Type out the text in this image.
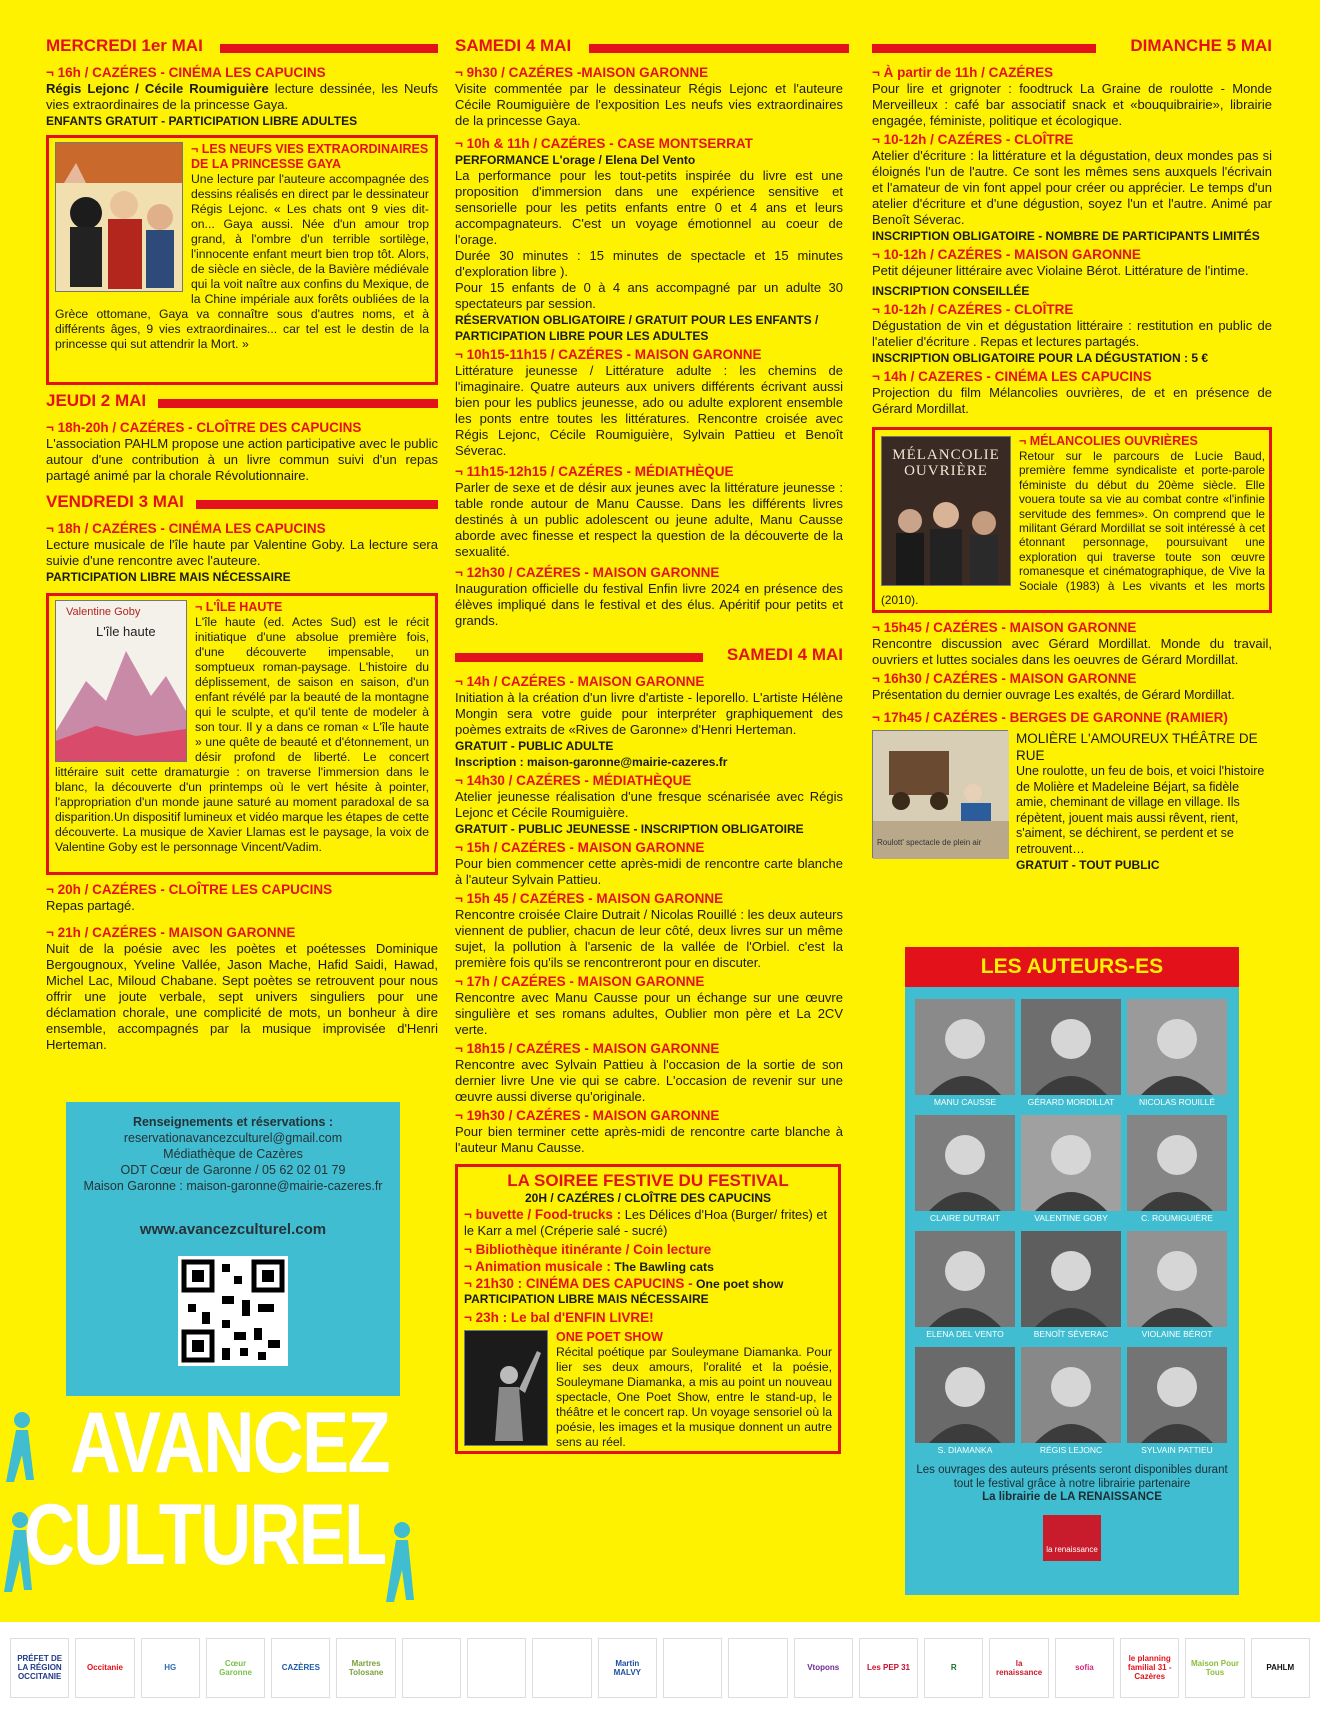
MERCREDI 1er MAI
¬ 16h / CAZÉRES - CINÉMA LES CAPUCINS
Régis Lejonc / Cécile Roumiguière lecture dessinée, les Neufs vies extraordinaires de la princesse Gaya.
ENFANTS GRATUIT - PARTICIPATION LIBRE ADULTES
¬ LES NEUFS VIES EXTRAORDINAIRES DE LA PRINCESSE GAYA
Une lecture par l'auteure accompagnée des dessins réalisés en direct par le dessinateur Régis Lejonc. « Les chats ont 9 vies dit-on... Gaya aussi. Née d'un amour trop grand, à l'ombre d'un terrible sortilège, l'innocente enfant meurt bien trop tôt. Alors, de siècle en siècle, de la Bavière médiévale qui la voit naître aux confins du Mexique, de la Chine impériale aux forêts oubliées de la Grèce ottomane, Gaya va connaître sous d'autres noms, et à différents âges, 9 vies extraordinaires... car tel est le destin de la princesse qui sut attendrir la Mort. »
JEUDI 2 MAI
¬ 18h-20h / CAZÉRES - CLOÎTRE DES CAPUCINS
L'association PAHLM propose une action participative avec le public autour d'une contribution à un livre commun suivi d'un repas partagé animé par la chorale Révolutionnaire.
VENDREDI 3 MAI
¬ 18h / CAZÉRES - CINÉMA LES CAPUCINS
Lecture musicale de l'île haute par Valentine Goby. La lecture sera suivie d'une rencontre avec l'auteure.
PARTICIPATION LIBRE MAIS NÉCESSAIRE
Valentine Goby
L'île haute
¬ L'ÎLE HAUTE
L'île haute (ed. Actes Sud) est le récit initiatique d'une absolue première fois, d'une découverte impensable, un somptueux roman-paysage. L'histoire du déplissement, de saison en saison, d'un enfant révélé par la beauté de la montagne qui le sculpte, et qu'il tente de modeler à son tour. Il y a dans ce roman « L'île haute » une quête de beauté et d'étonnement, un désir profond de liberté. Le concert littéraire suit cette dramaturgie : on traverse l'immersion dans le blanc, la découverte d'un printemps où le vert hésite à pointer, l'appropriation d'un monde jaune saturé au moment paradoxal de sa disparition.Un dispositif lumineux et vidéo marque les étapes de cette découverte. La musique de Xavier Llamas est le paysage, la voix de Valentine Goby est le personnage Vincent/Vadim.
¬ 20h / CAZÉRES - CLOÎTRE LES CAPUCINS
Repas partagé.
¬ 21h / CAZÉRES - MAISON GARONNE
Nuit de la poésie avec les poètes et poétesses Dominique Bergougnoux, Yveline Vallée, Jason Mache, Hafid Saidi, Hawad, Michel Lac, Miloud Chabane. Sept poètes se retrouvent pour nous offrir une joute verbale, sept univers singuliers pour une déclamation chorale, une complicité de mots, un bonheur à dire ensemble, accompagnés par la musique improvisée d'Henri Herteman.
Renseignements et réservations :
reservationavancezculturel@gmail.com
Médiathèque de Cazères
ODT Cœur de Garonne / 05 62 02 01 79
Maison Garonne : maison-garonne@mairie-cazeres.fr
www.avancezculturel.com
AVANCEZ
CULTUREL
SAMEDI 4 MAI
¬ 9h30 / CAZÉRES -MAISON GARONNE
Visite commentée par le dessinateur Régis Lejonc et l'auteure Cécile Roumiguière de l'exposition Les neufs vies extraordinaires de la princesse Gaya.
¬ 10h & 11h / CAZÉRES - CASE MONTSERRAT
PERFORMANCE L'orage / Elena Del Vento
La performance pour les tout-petits inspirée du livre est une proposition d'immersion dans une expérience sensitive et sensorielle pour les petits enfants entre 0 et 4 ans et leurs accompagnateurs. C'est un voyage émotionnel au coeur de l'orage.
Durée 30 minutes : 15 minutes de spectacle et 15 minutes d'exploration libre ).
Pour 15 enfants de 0 à 4 ans accompagné par un adulte 30 spectateurs par session.
RÉSERVATION OBLIGATOIRE / GRATUIT POUR LES ENFANTS / PARTICIPATION LIBRE POUR LES ADULTES
¬ 10h15-11h15 / CAZÉRES - MAISON GARONNE
Littérature jeunesse / Littérature adulte : les chemins de l'imaginaire. Quatre auteurs aux univers différents écrivant aussi bien pour les publics jeunesse, ado ou adulte explorent ensemble les ponts entre toutes les littératures. Rencontre croisée avec Régis Lejonc, Cécile Roumiguière, Sylvain Pattieu et Benoît Séverac.
¬ 11h15-12h15 / CAZÉRES - MÉDIATHÈQUE
Parler de sexe et de désir aux jeunes avec la littérature jeunesse : table ronde autour de Manu Causse. Dans les différents livres destinés à un public adolescent ou jeune adulte, Manu Causse aborde avec finesse et respect la question de la découverte de la sexualité.
¬ 12h30 / CAZÉRES - MAISON GARONNE
Inauguration officielle du festival Enfin livre 2024 en présence des élèves impliqué dans le festival et des élus. Apéritif pour petits et grands.
SAMEDI 4 MAI
¬ 14h / CAZÉRES - MAISON GARONNE
Initiation à la création d'un livre d'artiste - leporello. L'artiste Hélène Mongin sera votre guide pour interpréter graphiquement des poèmes extraits de «Rives de Garonne» d'Henri Herteman.
GRATUIT - PUBLIC ADULTE
Inscription : maison-garonne@mairie-cazeres.fr
¬ 14h30 / CAZÉRES - MÉDIATHÈQUE
Atelier jeunesse réalisation d'une fresque scénarisée avec Régis Lejonc et Cécile Roumiguière.
GRATUIT - PUBLIC JEUNESSE - INSCRIPTION OBLIGATOIRE
¬ 15h / CAZÉRES - MAISON GARONNE
Pour bien commencer cette après-midi de rencontre carte blanche à l'auteur Sylvain Pattieu.
¬ 15h 45 / CAZÉRES - MAISON GARONNE
Rencontre croisée Claire Dutrait / Nicolas Rouillé : les deux auteurs viennent de publier, chacun de leur côté, deux livres sur un même sujet, la pollution à l'arsenic de la vallée de l'Orbiel. c'est la première fois qu'ils se rencontreront pour en discuter.
¬ 17h / CAZÉRES - MAISON GARONNE
Rencontre avec Manu Causse pour un échange sur une œuvre singulière et ses romans adultes, Oublier mon père et La 2CV verte.
¬ 18h15 / CAZÉRES - MAISON GARONNE
Rencontre avec Sylvain Pattieu à l'occasion de la sortie de son dernier livre Une vie qui se cabre. L'occasion de revenir sur une œuvre aussi diverse qu'originale.
¬ 19h30 / CAZÉRES - MAISON GARONNE
Pour bien terminer cette après-midi de rencontre carte blanche à l'auteur Manu Causse.
LA SOIREE FESTIVE DU FESTIVAL
20H / CAZÉRES / CLOÎTRE DES CAPUCINS
¬ buvette / Food-trucks : Les Délices d'Hoa (Burger/ frites) et le Karr a mel (Créperie salé - sucré)
¬ Bibliothèque itinérante / Coin lecture
¬ Animation musicale : The Bawling cats
¬ 21h30 : CINÉMA DES CAPUCINS - One poet show
PARTICIPATION LIBRE MAIS NÉCESSAIRE
¬ 23h : Le bal d'ENFIN LIVRE!
ONE POET SHOW
Récital poétique par Souleymane Diamanka. Pour lier ses deux amours, l'oralité et la poésie, Souleymane Diamanka, a mis au point un nouveau spectacle, One Poet Show, entre le stand-up, le théâtre et le concert rap. Un voyage sensoriel où la poésie, les images et la musique donnent un autre sens au réel.
DIMANCHE 5 MAI
¬ À partir de 11h / CAZÉRES
Pour lire et grignoter : foodtruck La Graine de roulotte - Monde Merveilleux : café bar associatif snack et «bouquibrairie», librairie engagée, féministe, politique et écologique.
¬ 10-12h / CAZÉRES - CLOÎTRE
Atelier d'écriture : la littérature et la dégustation, deux mondes pas si éloignés l'un de l'autre. Ce sont les mêmes sens auxquels l'écrivain et l'amateur de vin font appel pour créer ou apprécier. Le temps d'un atelier d'écriture et d'une dégustion, soyez l'un et l'autre. Animé par Benoît Séverac.
INSCRIPTION OBLIGATOIRE - NOMBRE DE PARTICIPANTS LIMITÉS
¬ 10-12h / CAZÉRES - MAISON GARONNE
Petit déjeuner littéraire avec Violaine Bérot. Littérature de l'intime.
INSCRIPTION CONSEILLÉE
¬ 10-12h / CAZÉRES - CLOÎTRE
Dégustation de vin et dégustation littéraire : restitution en public de l'atelier d'écriture . Repas et lectures partagés.
INSCRIPTION OBLIGATOIRE POUR LA DÉGUSTATION : 5 €
¬ 14h / CAZERES - CINÉMA LES CAPUCINS
Projection du film Mélancolies ouvrières, de et en présence de Gérard Mordillat.
MÉLANCOLIE OUVRIÈRE
¬ MÉLANCOLIES OUVRIÈRES
Retour sur le parcours de Lucie Baud, première femme syndicaliste et porte-parole féministe du début du 20ème siècle. Elle vouera toute sa vie au combat contre «l'infinie servitude des femmes». On comprend que le militant Gérard Mordillat se soit intéressé à cet étonnant personnage, poursuivant une exploration qui traverse toute son œuvre romanesque et cinématographique, de Vive la Sociale (1983) à Les vivants et les morts (2010).
¬ 15h45 / CAZÉRES - MAISON GARONNE
Rencontre discussion avec Gérard Mordillat. Monde du travail, ouvriers et luttes sociales dans les oeuvres de Gérard Mordillat.
¬ 16h30 / CAZÉRES - MAISON GARONNE
Présentation du dernier ouvrage Les exaltés, de Gérard Mordillat.
¬ 17h45 / CAZÉRES - BERGES DE GARONNE (RAMIER)
Roulott' spectacle de plein air
MOLIÈRE L'AMOUREUX THÉÂTRE DE RUE
Une roulotte, un feu de bois, et voici l'histoire de Molière et Madeleine Béjart, sa fidèle amie, cheminant de village en village. Ils répètent, jouent mais aussi rêvent, rient, s'aiment, se déchirent, se perdent et se retrouvent…
GRATUIT - TOUT PUBLIC
LES AUTEURS-ES
MANU CAUSSE	GÉRARD MORDILLAT	NICOLAS ROUILLÉ
CLAIRE DUTRAIT	VALENTINE GOBY	C. ROUMIGUIÈRE
ELENA DEL VENTO	BENOÎT SÉVERAC	VIOLAINE BÉROT
S. DIAMANKA	RÉGIS LEJONC	SYLVAIN PATTIEU
Les ouvrages des auteurs présents seront disponibles durant tout le festival grâce à notre librairie partenaire
La librairie de LA RENAISSANCE
la renaissance
PRÉFET DE LA RÉGION OCCITANIE
Occitanie	HG	Cœur Garonne	CAZÈRES	Martres Tolosane
Martin MALVY	Vtopons	Les PEP 31	R	la renaissance	sofia
le planning familial 31 - Cazères
Maison Pour Tous	PAHLM
